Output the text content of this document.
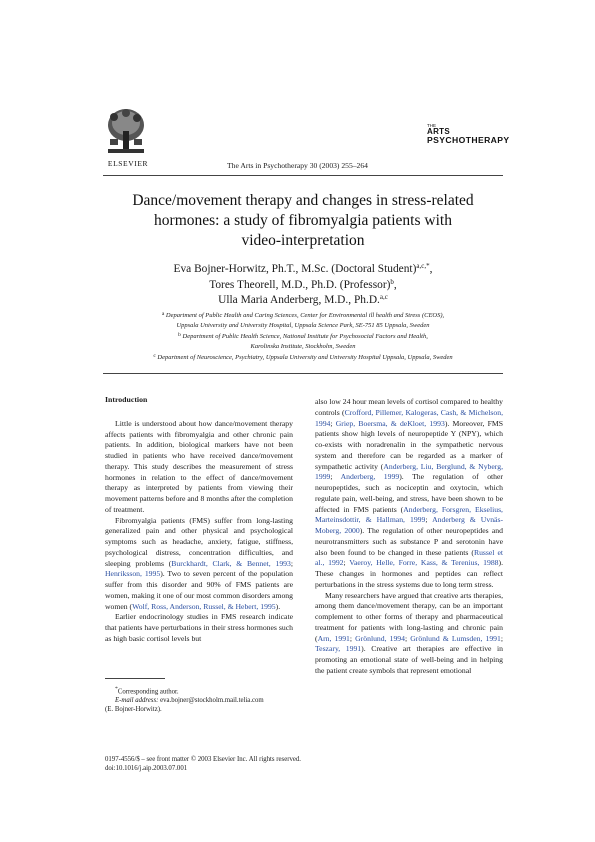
ELSEVIER
THE
ARTS
PSYCHOTHERAPY
The Arts in Psychotherapy 30 (2003) 255–264
Dance/movement therapy and changes in stress-related
hormones: a study of fibromyalgia patients with
video-interpretation
Eva Bojner-Horwitz, Ph.T., M.Sc. (Doctoral Student)$^{a,c,*}$,
Tores Theorell, M.D., Ph.D. (Professor)$^b$,
Ulla Maria Anderberg, M.D., Ph.D.$^{a,c}$
$^a$ Department of Public Health and Caring Sciences, Center for Environmental ill health and Stress (CEOS),
Uppsala University and University Hospital, Uppsala Science Park, SE-751 85 Uppsala, Sweden
$^b$ Department of Public Health Science, National Institute for Psychosocial Factors and Health,
Karolinska Institute, Stockholm, Sweden
$^c$ Department of Neuroscience, Psychiatry, Uppsala University and University Hospital Uppsala, Uppsala, Sweden
Introduction

Little is understood about how dance/movement therapy affects patients with fibromyalgia and other chronic pain patients. In addition, biological markers have not been studied in patients who have received dance/movement therapy. This study describes the measurement of stress hormones in relation to the effect of dance/movement therapy as interpreted by patients from viewing their movement patterns before and 8 months after the completion of treatment.

Fibromyalgia patients (FMS) suffer from long-lasting generalized pain and other physical and psychological symptoms such as headache, anxiety, fatigue, stiffness, psychological distress, concentration difficulties, and sleeping problems (Burckhardt, Clark, & Bennet, 1993; Henriksson, 1995). Two to seven percent of the population suffer from this disorder and 90% of FMS patients are women, making it one of our most common disorders among women (Wolf, Ross, Anderson, Russel, & Hebert, 1995).

Earlier endocrinology studies in FMS research indicate that patients have perturbations in their stress hormones such as high basic cortisol levels but

also low 24 hour mean levels of cortisol compared to healthy controls (Crofford, Pillemer, Kalogeras, Cash, & Michelson, 1994; Griep, Boersma, & deKloet, 1993). Moreover, FMS patients show high levels of neuropeptide Y (NPY), which co-exists with noradrenalin in the sympathetic nervous system and therefore can be regarded as a marker of sympathetic activity (Anderberg, Liu, Berglund, & Nyberg, 1999; Anderberg, 1999). The regulation of other neuropeptides, such as nociceptin and oxytocin, which regulate pain, well-being, and stress, have been shown to be affected in FMS patients (Anderberg, Forsgren, Ekselius, Marteinsdottir, & Hallman, 1999; Anderberg & Uvnäs-Moberg, 2000). The regulation of other neuropeptides and neurotransmitters such as substance P and serotonin have also been found to be changed in these patients (Russel et al., 1992; Vaeroy, Helle, Forre, Kass, & Terenius, 1988). These changes in hormones and peptides can reflect perturbations in the stress systems due to long term stress.

Many researchers have argued that creative arts therapies, among them dance/movement therapy, can be an important complement to other forms of therapy and pharmaceutical treatment for patients with long-lasting and chronic pain (Arn, 1991; Grönlund, 1994; Grönlund & Lumsden, 1991; Teszary, 1991). Creative art therapies are effective in promoting an emotional state of well-being and in helping the patient create symbols that represent emotional

*Corresponding author.
E-mail address: eva.bojner@stockholm.mail.telia.com
(E. Bojner-Horwitz).
0197-4556/$ – see front matter © 2003 Elsevier Inc. All rights reserved.
doi:10.1016/j.aip.2003.07.001
